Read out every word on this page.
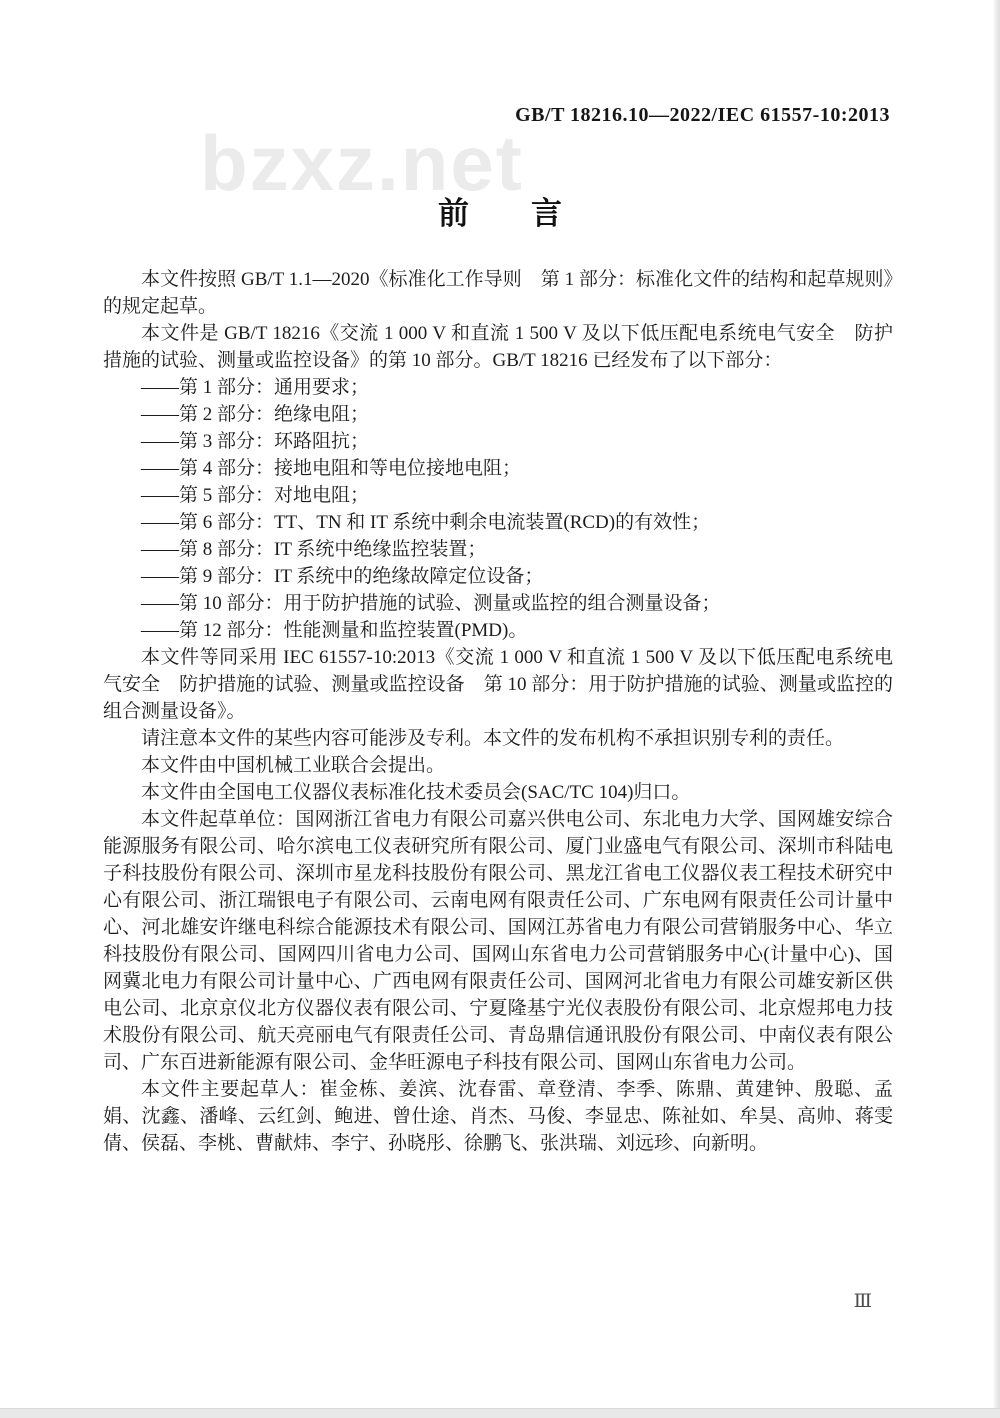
bzxz.net
GB/T 18216.10—2022/IEC 61557-10:2013
前　　言

本文件按照 GB/T 1.1—2020《标准化工作导则　第 1 部分：标准化文件的结构和起草规则》的规定起草。

本文件是 GB/T 18216《交流 1 000 V 和直流 1 500 V 及以下低压配电系统电气安全　防护措施的试验、测量或监控设备》的第 10 部分。GB/T 18216 已经发布了以下部分：

——第 1 部分：通用要求；

——第 2 部分：绝缘电阻；

——第 3 部分：环路阻抗；

——第 4 部分：接地电阻和等电位接地电阻；

——第 5 部分：对地电阻；

——第 6 部分：TT、TN 和 IT 系统中剩余电流装置(RCD)的有效性；

——第 8 部分：IT 系统中绝缘监控装置；

——第 9 部分：IT 系统中的绝缘故障定位设备；

——第 10 部分：用于防护措施的试验、测量或监控的组合测量设备；

——第 12 部分：性能测量和监控装置(PMD)。

本文件等同采用 IEC 61557-10:2013《交流 1 000 V 和直流 1 500 V 及以下低压配电系统电气安全　防护措施的试验、测量或监控设备　第 10 部分：用于防护措施的试验、测量或监控的组合测量设备》。

请注意本文件的某些内容可能涉及专利。本文件的发布机构不承担识别专利的责任。

本文件由中国机械工业联合会提出。

本文件由全国电工仪器仪表标准化技术委员会(SAC/TC 104)归口。

本文件起草单位：国网浙江省电力有限公司嘉兴供电公司、东北电力大学、国网雄安综合能源服务有限公司、哈尔滨电工仪表研究所有限公司、厦门业盛电气有限公司、深圳市科陆电子科技股份有限公司、深圳市星龙科技股份有限公司、黑龙江省电工仪器仪表工程技术研究中心有限公司、浙江瑞银电子有限公司、云南电网有限责任公司、广东电网有限责任公司计量中心、河北雄安许继电科综合能源技术有限公司、国网江苏省电力有限公司营销服务中心、华立科技股份有限公司、国网四川省电力公司、国网山东省电力公司营销服务中心(计量中心)、国网冀北电力有限公司计量中心、广西电网有限责任公司、国网河北省电力有限公司雄安新区供电公司、北京京仪北方仪器仪表有限公司、宁夏隆基宁光仪表股份有限公司、北京煜邦电力技术股份有限公司、航天亮丽电气有限责任公司、青岛鼎信通讯股份有限公司、中南仪表有限公司、广东百进新能源有限公司、金华旺源电子科技有限公司、国网山东省电力公司。

本文件主要起草人：崔金栋、姜滨、沈春雷、章登清、李季、陈鼎、黄建钟、殷聪、孟娟、沈鑫、潘峰、云红剑、鲍进、曾仕途、肖杰、马俊、李显忠、陈祉如、牟昊、高帅、蒋雯倩、侯磊、李桃、曹献炜、李宁、孙晓彤、徐鹏飞、张洪瑞、刘远珍、向新明。

Ⅲ
